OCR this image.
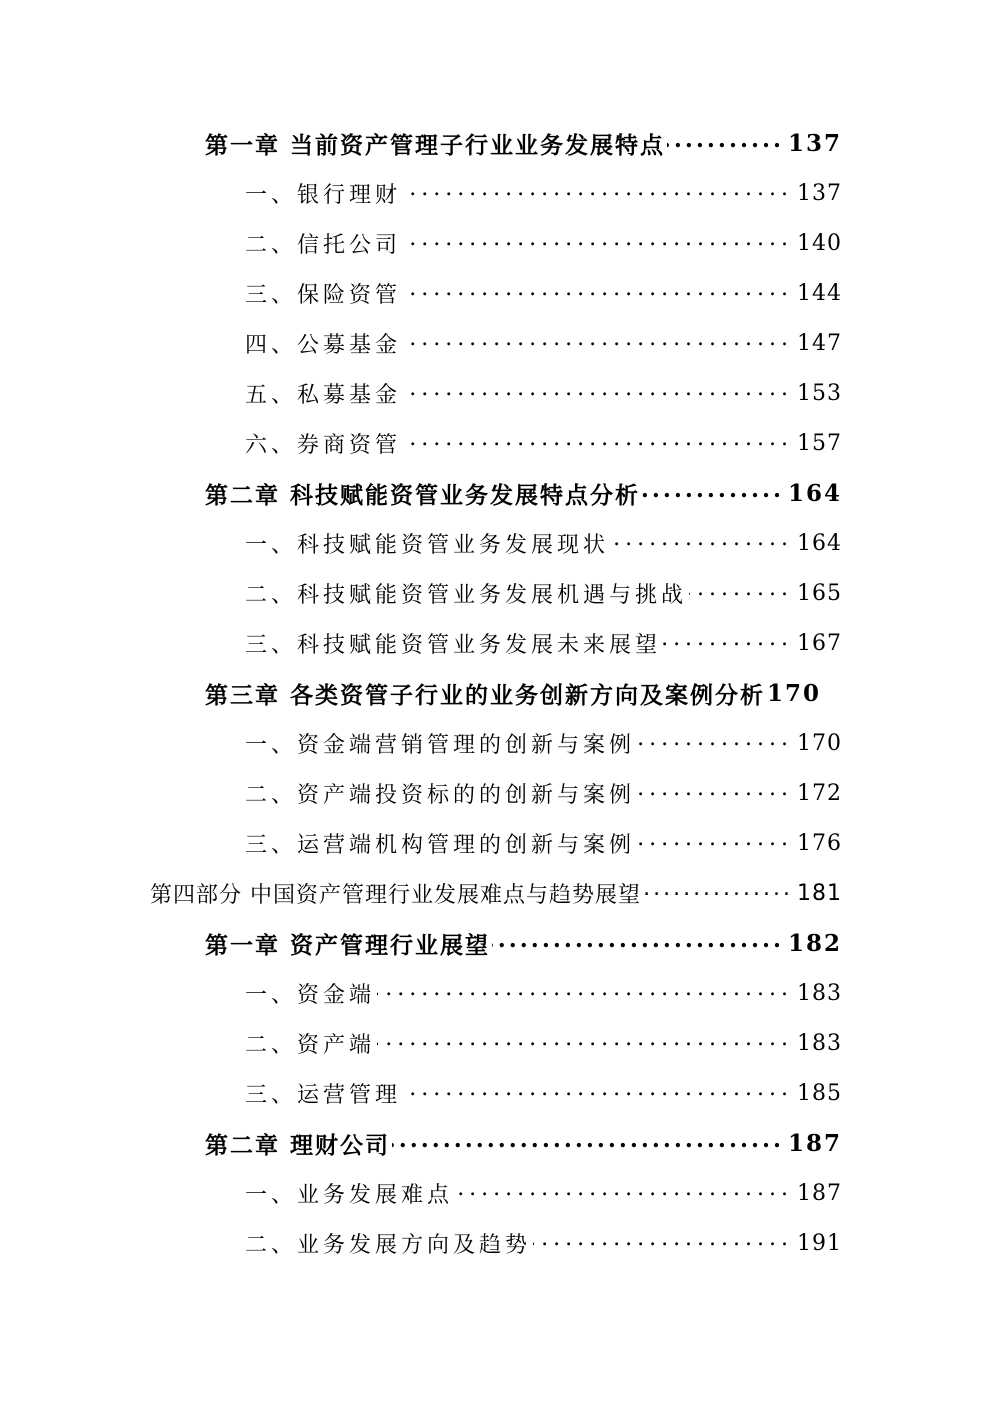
第一章 当前资产管理子行业业务发展特点 .....	137
一、银行理财 .....	137
二、信托公司 .....	140
三、保险资管 .....	144
四、公募基金 .....	147
五、私募基金 .....	153
六、券商资管 .....	157
第二章 科技赋能资管业务发展特点分析 .....	164
一、科技赋能资管业务发展现状 .....	164
二、科技赋能资管业务发展机遇与挑战 .....	165
三、科技赋能资管业务发展未来展望 .....	167
第三章 各类资管子行业的业务创新方向及案例分析 170
一、资金端营销管理的创新与案例 .....	170
二、资产端投资标的的创新与案例 .....	172
三、运营端机构管理的创新与案例 .....	176
第四部分 中国资产管理行业发展难点与趋势展望 .....	181
第一章 资产管理行业展望 .....	182
一、资金端 .....	183
二、资产端 .....	183
三、运营管理 .....	185
第二章 理财公司 .....	187
一、业务发展难点 .....	187
二、业务发展方向及趋势 .....	191
